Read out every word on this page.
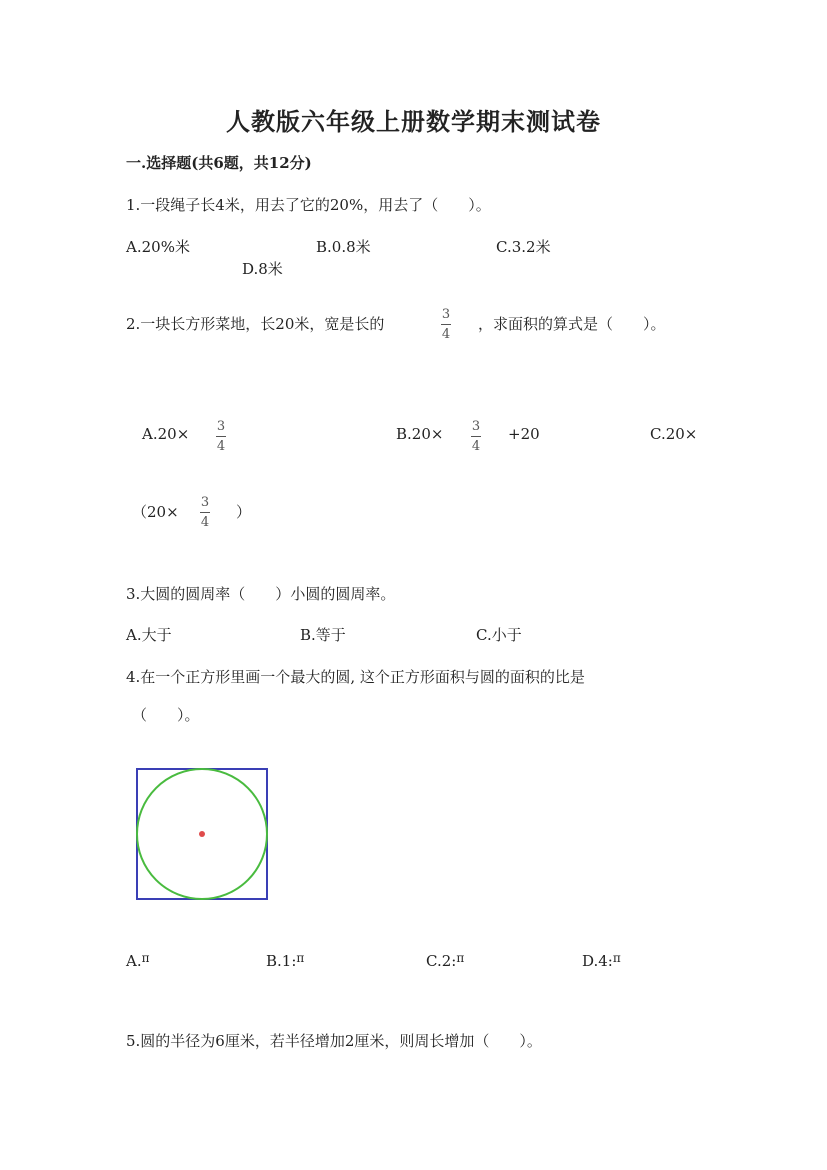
人教版六年级上册数学期末测试卷
一.选择题(共6题，共12分)
1.一段绳子长4米，用去了它的20%，用去了（　　）。
A.20%米	B.0.8米	C.3.2米
D.8米
2.一块长方形菜地，长20米，宽是长的
3
4
，求面积的算式是（　　）。
A.20× 3
4
B.20× 3
4
+20	C.20×
（20×
3
4
）
3.大圆的圆周率（　　）小圆的圆周率。
A.大于	B.等于	C.小于
4.在一个正方形里画一个最大的圆, 这个正方形面积与圆的面积的比是
（　　）。
A.$^\pi$	B.1:$^\pi$	C.2:$^\pi$	D.4:$^\pi$
5.圆的半径为6厘米，若半径增加2厘米，则周长增加（　　）。
